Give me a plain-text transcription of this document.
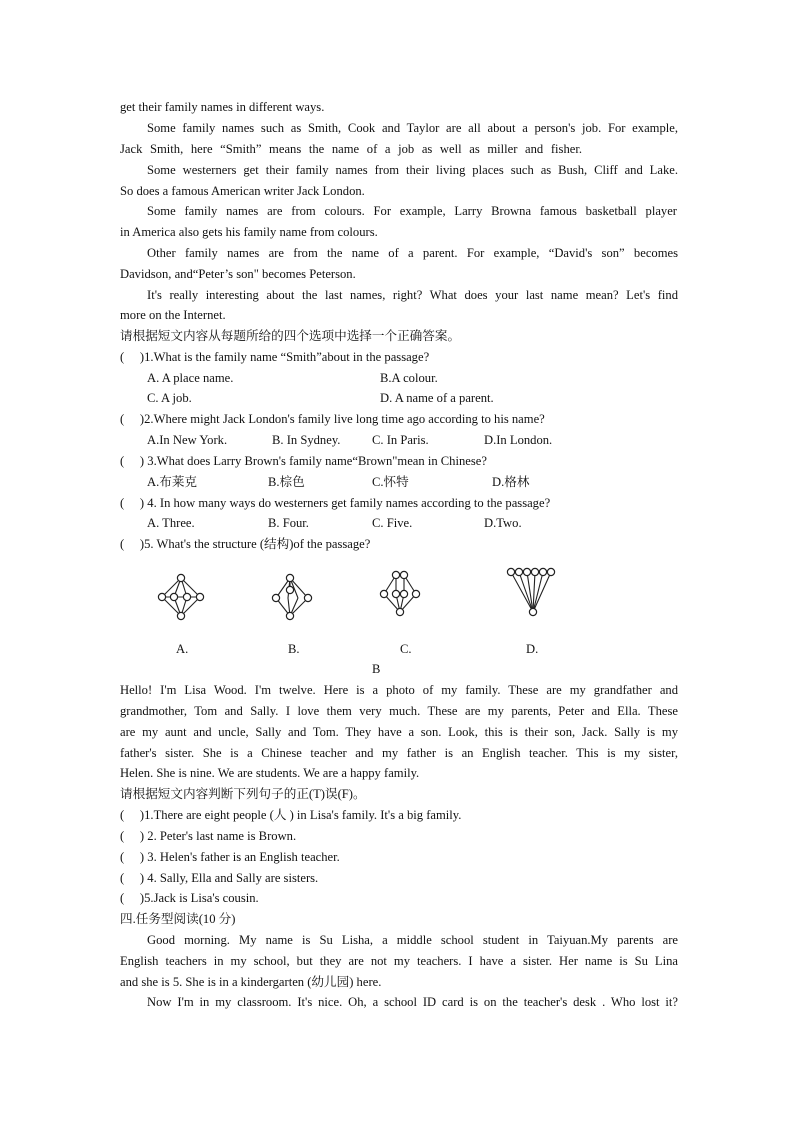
get their family names in different ways.
Some family names such as Smith, Cook and Taylor are all about a person's job. For example,
Jack Smith, here “Smith” means the name of a job as well as miller and fisher.
Some westerners get their family names from their living places such as Bush, Cliff and Lake.
So does a famous American writer Jack London.
Some family names are from colours. For example, Larry Browna famous basketball player
in America also gets his family name from colours.
Other family names are from the name of a parent. For example, “David's son” becomes
Davidson, and“Peter’s son" becomes Peterson.
It's really interesting about the last names, right? What does your last name mean? Let's find
more on the Internet.
请根据短文内容从每题所给的四个选项中选择一个正确答案。
(  )1.What is the family name “Smith”about in the passage?
A. A place name.	B.A colour.
C. A job.	D. A name of a parent.
(  )2.Where might Jack London's family live long time ago according to his name?
A.In New York.	B. In Sydney.	C. In Paris.	D.In London.
(  ) 3.What does Larry Brown's family name“Brown"mean in Chinese?
A.布莱克	B.棕色	C.怀特	D.格林
(  ) 4. In how many ways do westerners get family names according to the passage?
A. Three.	B. Four.	C. Five.	D.Two.
(  )5. What's the structure (结构)of the passage?
A.	B.	C.	D.
B
Hello! I'm Lisa Wood. I'm twelve. Here is a photo of my family. These are my grandfather and
grandmother, Tom and Sally. I love them very much. These are my parents, Peter and Ella. These
are my aunt and uncle, Sally and Tom. They have a son. Look, this is their son, Jack. Sally is my
father's sister. She is a Chinese teacher and my father is an English teacher. This is my sister,
Helen. She is nine. We are students. We are a happy family.
请根据短文内容判断下列句子的正(T)误(F)。
(  )1.There are eight people (人 ) in Lisa's family. It's a big family.
(  ) 2. Peter's last name is Brown.
(  ) 3. Helen's father is an English teacher.
(  ) 4. Sally, Ella and Sally are sisters.
(  )5.Jack is Lisa's cousin.
四.任务型阅读(10 分)
Good morning. My name is Su Lisha, a middle school student in Taiyuan.My parents are
English teachers in my school, but they are not my teachers. I have a sister. Her name is Su Lina
and she is 5. She is in a kindergarten (幼儿园) here.
Now I'm in my classroom. It's nice. Oh, a school ID card is on the teacher's desk . Who lost it?
